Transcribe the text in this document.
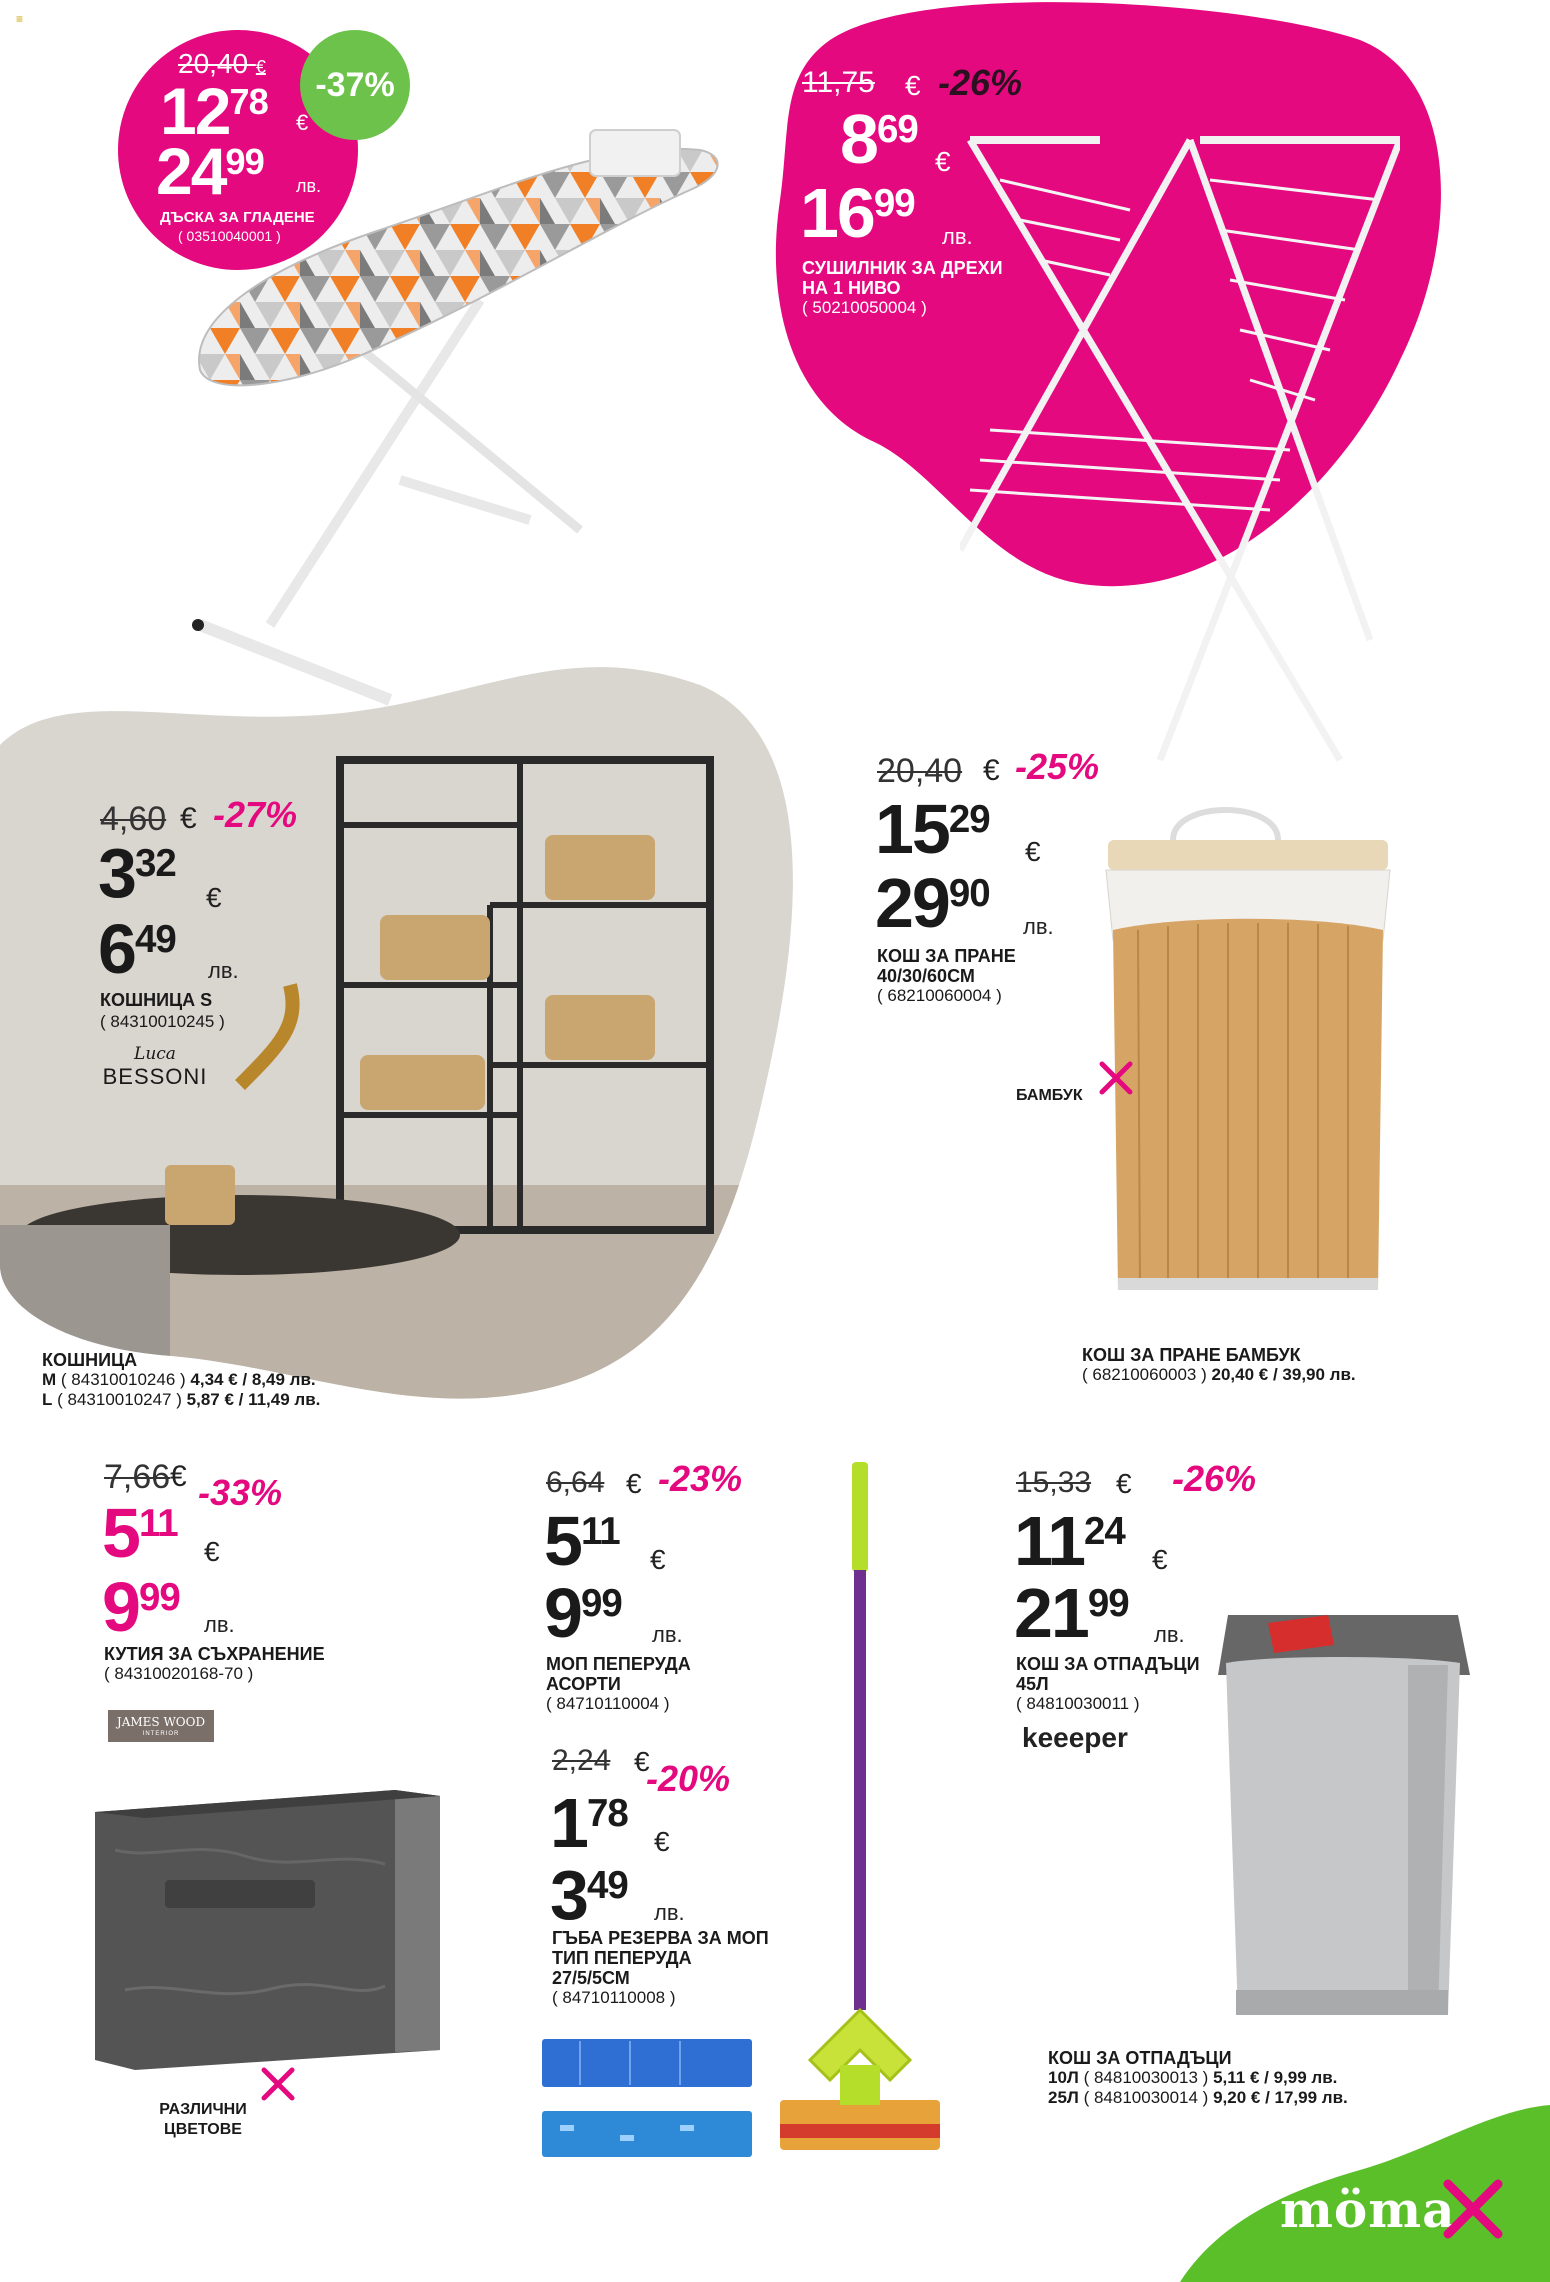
≡
20,40 €
$12^{78}$
€
$24^{99}$
лв.
ДЪСКА ЗА ГЛАДЕНЕ
( 03510040001 )
-37%	11,75 € -26%
$8^{69}$
€
$16^{99}$
лв.
СУШИЛНИК ЗА ДРЕХИ
НА 1 НИВО
( 50210050004 )
4,60 € -27%
$3^{32}$
€
$6^{49}$
лв.
КОШНИЦА S
( 84310010245 )
Luca
BESSONI
КОШНИЦА
M ( 84310010246 ) 4,34 € / 8,49 лв.
L ( 84310010247 ) 5,87 € / 11,49 лв.
20,40 € -25%
$15^{29}$
€
$29^{90}$
лв.
КОШ ЗА ПРАНЕ
40/30/60СМ
( 68210060004 )
БАМБУК
КОШ ЗА ПРАНЕ БАМБУК
( 68210060003 ) 20,40 € / 39,90 лв.
7,66 € -33%
$5^{11}$
€
$9^{99}$
лв.
КУТИЯ ЗА СЪХРАНЕНИЕ
( 84310020168-70 )
JAMES WOOD
INTERIOR
РАЗЛИЧНИ
ЦВЕТОВЕ
6,64 € -23%
$5^{11}$
€
$9^{99}$
лв.
МОП ПЕПЕРУДА
АСОРТИ
( 84710110004 )
2,24 €
-20%
$1^{78}$
€
$3^{49}$
лв.
ГЪБА РЕЗЕРВА ЗА МОП
ТИП ПЕПЕРУДА
27/5/5СМ
( 84710110008 )
15,33 € -26%
$11^{24}$
€
$21^{99}$
лв.
КОШ ЗА ОТПАДЪЦИ
45Л
( 84810030011 )
keeeper
КОШ ЗА ОТПАДЪЦИ
10Л ( 84810030013 ) 5,11 € / 9,99 лв.
25Л ( 84810030014 ) 9,20 € / 17,99 лв.
möma
